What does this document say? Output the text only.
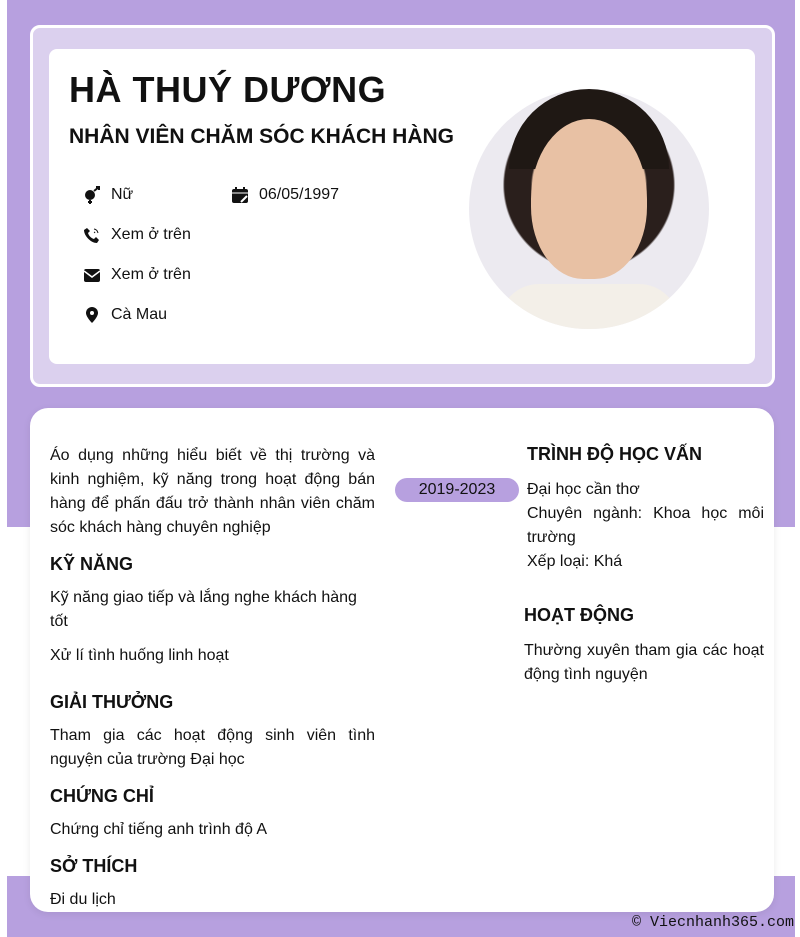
HÀ THUÝ DƯƠNG
NHÂN VIÊN CHĂM SÓC KHÁCH HÀNG
Nữ	06/05/1997
Xem ở trên
Xem ở trên
Cà Mau
Áo dụng những hiểu biết về thị trường và kinh nghiệm, kỹ năng trong hoạt động bán hàng để phấn đấu trở thành nhân viên chăm sóc khách hàng chuyên nghiệp
KỸ NĂNG
Kỹ năng giao tiếp và lắng nghe khách hàng tốt
Xử lí tình huống linh hoạt
GIẢI THƯỞNG
Tham gia các hoạt động sinh viên tình nguyện của trường Đại học
CHỨNG CHỈ
Chứng chỉ tiếng anh trình độ A
SỞ THÍCH
Đi du lịch
TRÌNH ĐỘ HỌC VẤN
2019-2023	Đại học cần thơ
Chuyên ngành: Khoa học môi trường
Xếp loại: Khá
HOẠT ĐỘNG
Thường xuyên tham gia các hoạt động tình nguyện
© Viecnhanh365.com
